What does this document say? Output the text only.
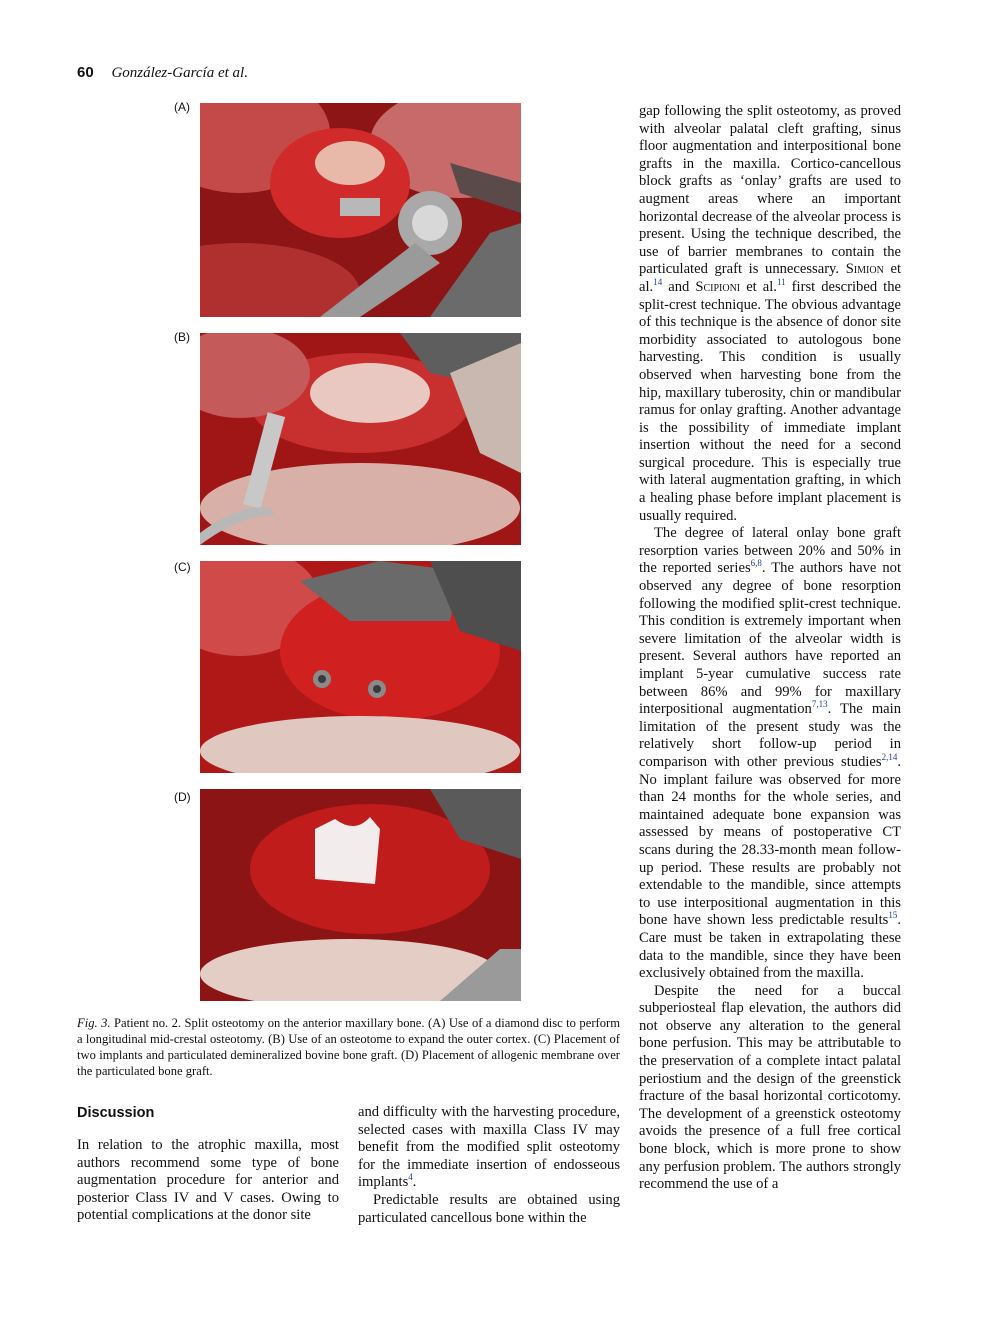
60 González-García et al.
(A)
(B)
(C)
(D)
Fig. 3. Patient no. 2. Split osteotomy on the anterior maxillary bone. (A) Use of a diamond disc to perform a longitudinal mid-crestal osteotomy. (B) Use of an osteotome to expand the outer cortex. (C) Placement of two implants and particulated demineralized bovine bone graft. (D) Placement of allogenic membrane over the particulated bone graft.
Discussion

In relation to the atrophic maxilla, most authors recommend some type of bone augmentation procedure for anterior and posterior Class IV and V cases. Owing to potential complications at the donor site

and difficulty with the harvesting procedure, selected cases with maxilla Class IV may benefit from the modified split osteotomy for the immediate insertion of endosseous implants$^4$.

Predictable results are obtained using particulated cancellous bone within the

gap following the split osteotomy, as proved with alveolar palatal cleft grafting, sinus floor augmentation and interpositional bone grafts in the maxilla. Cortico-cancellous block grafts as ‘onlay’ grafts are used to augment areas where an important horizontal decrease of the alveolar process is present. Using the technique described, the use of barrier membranes to contain the particulated graft is unnecessary. Simion et al.$^{14}$ and Scipioni et al.$^{11}$ first described the split-crest technique. The obvious advantage of this technique is the absence of donor site morbidity associated to autologous bone harvesting. This condition is usually observed when harvesting bone from the hip, maxillary tuberosity, chin or mandibular ramus for onlay grafting. Another advantage is the possibility of immediate implant insertion without the need for a second surgical procedure. This is especially true with lateral augmentation grafting, in which a healing phase before implant placement is usually required.

The degree of lateral onlay bone graft resorption varies between 20% and 50% in the reported series$^{6,8}$. The authors have not observed any degree of bone resorption following the modified split-crest technique. This condition is extremely important when severe limitation of the alveolar width is present. Several authors have reported an implant 5-year cumulative success rate between 86% and 99% for maxillary interpositional augmentation$^{7,13}$. The main limitation of the present study was the relatively short follow-up period in comparison with other previous studies$^{2,14}$. No implant failure was observed for more than 24 months for the whole series, and maintained adequate bone expansion was assessed by means of postoperative CT scans during the 28.33-month mean follow-up period. These results are probably not extendable to the mandible, since attempts to use interpositional augmentation in this bone have shown less predictable results$^{15}$. Care must be taken in extrapolating these data to the mandible, since they have been exclusively obtained from the maxilla.

Despite the need for a buccal subperiosteal flap elevation, the authors did not observe any alteration to the general bone perfusion. This may be attributable to the preservation of a complete intact palatal periostium and the design of the greenstick fracture of the basal horizontal corticotomy. The development of a greenstick osteotomy avoids the presence of a full free cortical bone block, which is more prone to show any perfusion problem. The authors strongly recommend the use of a
